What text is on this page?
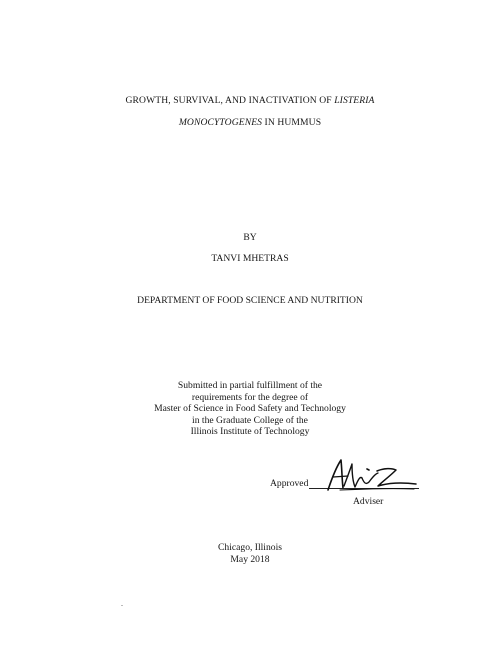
GROWTH, SURVIVAL, AND INACTIVATION OF LISTERIA
MONOCYTOGENES IN HUMMUS
BY
TANVI MHETRAS
DEPARTMENT OF FOOD SCIENCE AND NUTRITION
Submitted in partial fulfillment of the
requirements for the degree of
Master of Science in Food Safety and Technology
in the Graduate College of the
Illinois Institute of Technology
Approved
Adviser
Chicago, Illinois
May 2018
